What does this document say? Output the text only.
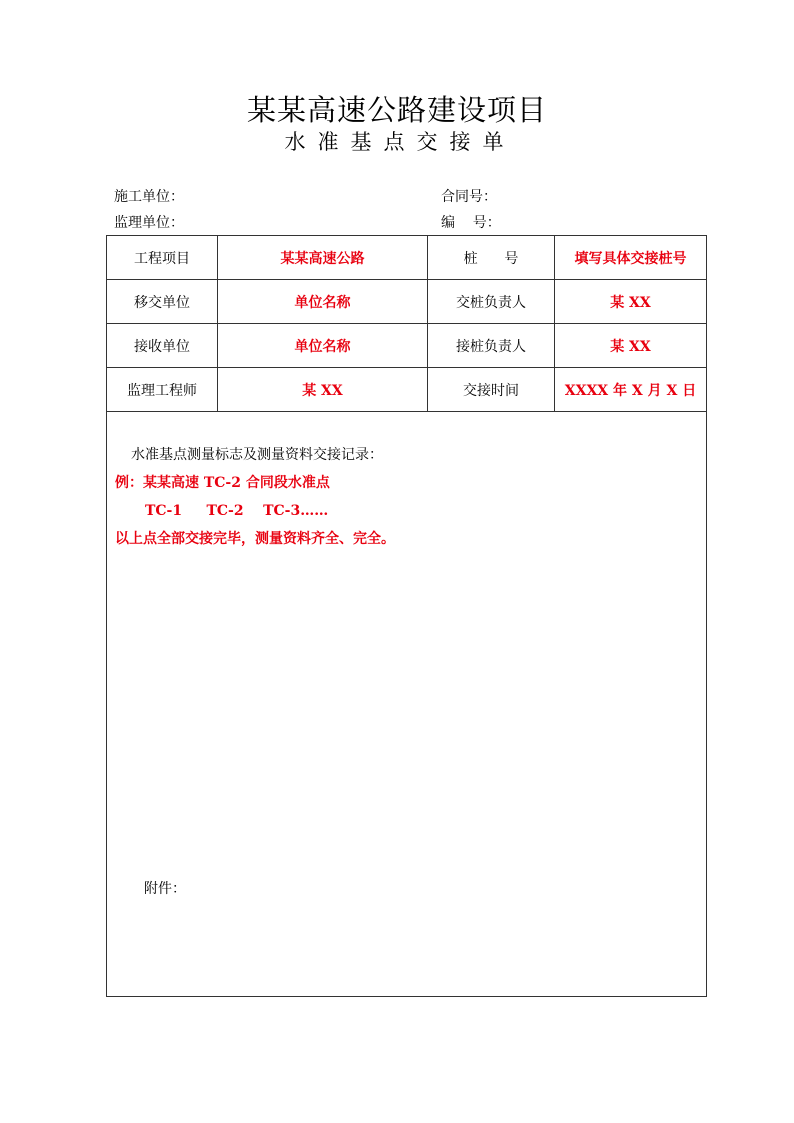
某某高速公路建设项目
水准基点交接单
施工单位：	合同号：
监理单位：	编    号：
工程项目	某某高速公路	桩      号	填写具体交接桩号
移交单位	单位名称	交桩负责人	某 XX
接收单位	单位名称	接桩负责人	某 XX
监理工程师	某 XX	交接时间	XXXX 年 X 月 X 日

水准基点测量标志及测量资料交接记录：
例：某某高速 TC-2 合同段水准点
TC-1     TC-2    TC-3……
以上点全部交接完毕，测量资料齐全、完全。
附件：			
